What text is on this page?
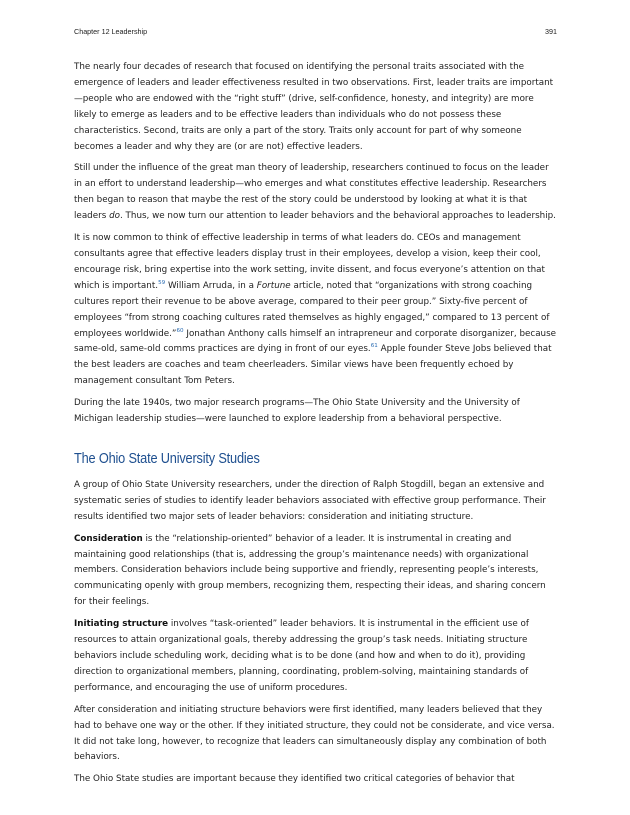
Chapter 12 Leadership	391

The nearly four decades of research that focused on identifying the personal traits associated with the emergence of leaders and leader effectiveness resulted in two observations. First, leader traits are important—people who are endowed with the “right stuff” (drive, self-confidence, honesty, and integrity) are more likely to emerge as leaders and to be effective leaders than individuals who do not possess these characteristics. Second, traits are only a part of the story. Traits only account for part of why someone becomes a leader and why they are (or are not) effective leaders.

Still under the influence of the great man theory of leadership, researchers continued to focus on the leader in an effort to understand leadership—who emerges and what constitutes effective leadership. Researchers then began to reason that maybe the rest of the story could be understood by looking at what it is that leaders do. Thus, we now turn our attention to leader behaviors and the behavioral approaches to leadership.

It is now common to think of effective leadership in terms of what leaders do. CEOs and management consultants agree that effective leaders display trust in their employees, develop a vision, keep their cool, encourage risk, bring expertise into the work setting, invite dissent, and focus everyone’s attention on that which is important.$^{59}$ William Arruda, in a Fortune article, noted that “organizations with strong coaching cultures report their revenue to be above average, compared to their peer group.” Sixty-five percent of employees “from strong coaching cultures rated themselves as highly engaged,” compared to 13 percent of employees worldwide.”$^{60}$ Jonathan Anthony calls himself an intrapreneur and corporate disorganizer, because same-old, same-old comms practices are dying in front of our eyes.$^{61}$ Apple founder Steve Jobs believed that the best leaders are coaches and team cheerleaders. Similar views have been frequently echoed by management consultant Tom Peters.

During the late 1940s, two major research programs—The Ohio State University and the University of Michigan leadership studies—were launched to explore leadership from a behavioral perspective.

The Ohio State University Studies

A group of Ohio State University researchers, under the direction of Ralph Stogdill, began an extensive and systematic series of studies to identify leader behaviors associated with effective group performance. Their results identified two major sets of leader behaviors: consideration and initiating structure.

Consideration is the “relationship-oriented” behavior of a leader. It is instrumental in creating and maintaining good relationships (that is, addressing the group’s maintenance needs) with organizational members. Consideration behaviors include being supportive and friendly, representing people’s interests, communicating openly with group members, recognizing them, respecting their ideas, and sharing concern for their feelings.

Initiating structure involves “task-oriented” leader behaviors. It is instrumental in the efficient use of resources to attain organizational goals, thereby addressing the group’s task needs. Initiating structure behaviors include scheduling work, deciding what is to be done (and how and when to do it), providing direction to organizational members, planning, coordinating, problem-solving, maintaining standards of performance, and encouraging the use of uniform procedures.

After consideration and initiating structure behaviors were first identified, many leaders believed that they had to behave one way or the other. If they initiated structure, they could not be considerate, and vice versa. It did not take long, however, to recognize that leaders can simultaneously display any combination of both behaviors.

The Ohio State studies are important because they identified two critical categories of behavior that
